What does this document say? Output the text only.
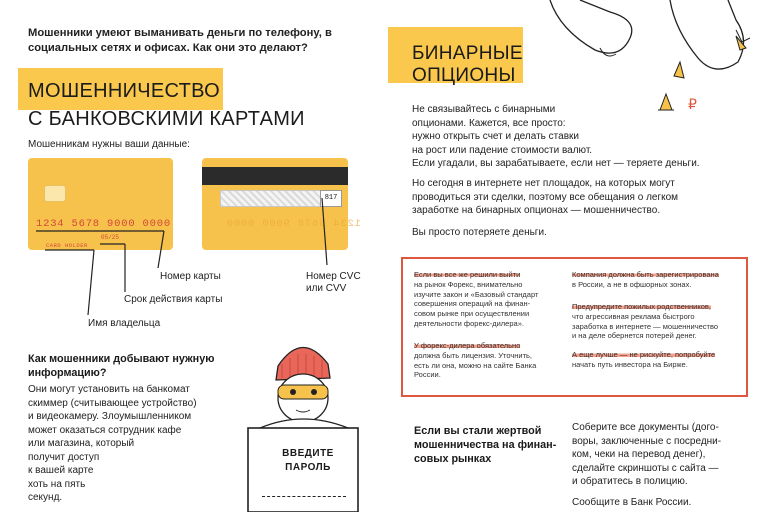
Мошенники умеют выманивать деньги по телефону, в социальных сетях и офисах. Как они это делают?
МОШЕННИЧЕСТВО
С БАНКОВСКИМИ КАРТАМИ
Мошенникам нужны ваши данные:
1234 5678 9000 0000
05/25
CARD HOLDER
817
1234 5678 9000 0000
Номер карты
Срок действия карты
Имя владельца
Номер CVC
или CVV
Как мошенники добывают нужную
информацию?
Они могут установить на банкомат
скиммер (считывающее устройство)
и видеокамеру. Злоумышленником
может оказаться сотрудник кафе
или магазина, который
получит доступ
к вашей карте
хоть на пять
секунд.
ВВЕДИТЕ
ПАРОЛЬ
₽
БИНАРНЫЕ
ОПЦИОНЫ
Не связывайтесь с бинарными
опционами. Кажется, все просто:
нужно открыть счет и делать ставки
на рост или падение стоимости валют.
Если угадали, вы зарабатываете, если нет — теряете деньги.
Но сегодня в интернете нет площадок, на которых могут
проводиться эти сделки, поэтому все обещания о легком
заработке на бинарных опционах — мошенничество.
Вы просто потеряете деньги.
Если вы все же решили выйти
на рынок Форекс, внимательно
изучите закон и «Базовый стандарт
совершения операций на финан-
совом рынке при осуществлении
деятельности форекс-дилера».
У форекс-дилера обязательно
должна быть лицензия. Уточнить,
есть ли она, можно на сайте Банка
России.
Компания должна быть зарегистрирована
в России, а не в офшорных зонах.
Предупредите пожилых родственников,
что агрессивная реклама быстрого
заработка в интернете — мошенничество
и на деле обернется потерей денег.
А еще лучше — не рискуйте, попробуйте
начать путь инвестора на Бирже.
Если вы стали жертвой
мошенничества на финан-
совых рынках
Соберите все документы (дого-
воры, заключенные с посредни-
ком, чеки на перевод денег),
сделайте скриншоты с сайта —
и обратитесь в полицию.
Сообщите в Банк России.
